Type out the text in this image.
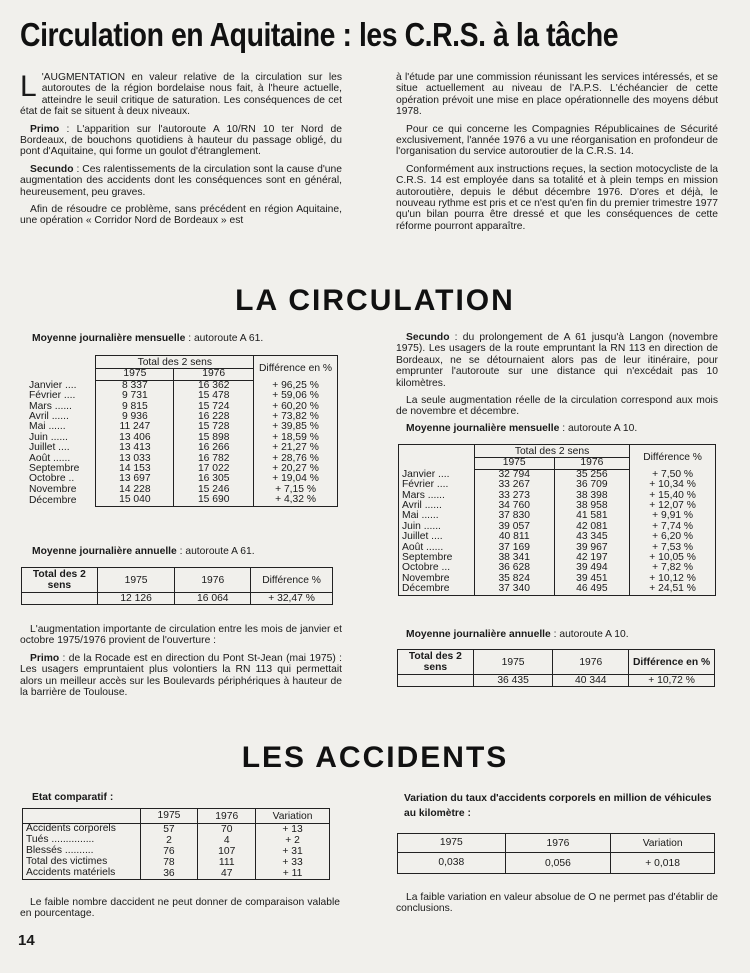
Circulation en Aquitaine : les C.R.S. à la tâche

L 'AUGMENTATION en valeur relative de la circulation sur les autoroutes de la région bordelaise nous fait, à l'heure actuelle, atteindre le seuil critique de saturation. Les conséquences de cet état de fait se situent à deux niveaux.

Primo : L'apparition sur l'autoroute A 10/RN 10 ter Nord de Bordeaux, de bouchons quotidiens à hauteur du passage obligé, du pont d'Aquitaine, qui forme un goulot d'étranglement.

Secundo : Ces ralentissements de la circulation sont la cause d'une augmentation des accidents dont les conséquences sont en général, heureusement, peu graves.

Afin de résoudre ce problème, sans précédent en région Aquitaine, une opération « Corridor Nord de Bordeaux » est

à l'étude par une commission réunissant les services intéressés, et se situe actuellement au niveau de l'A.P.S. L'échéancier de cette opération prévoit une mise en place opérationnelle des moyens début 1978.

Pour ce qui concerne les Compagnies Républicaines de Sécurité exclusivement, l'année 1976 a vu une réorganisation en profondeur de l'organisation du service autoroutier de la C.R.S. 14.

Conformément aux instructions reçues, la section motocycliste de la C.R.S. 14 est employée dans sa totalité et à plein temps en mission autoroutière, depuis le début décembre 1976. D'ores et déjà, le nouveau rythme est pris et ce n'est qu'en fin du premier trimestre 1977 qu'un bilan pourra être dressé et que les conséquences de cette réforme pourront apparaître.

LA CIRCULATION
Moyenne journalière mensuelle : autoroute A 61.
	Total des 2 sens		Différence en %
	1975	1976	
Janvier ....	8 337	16 362	+ 96,25 %
Février ....	9 731	15 478	+ 59,06 %
Mars ......	9 815	15 724	+ 60,20 %
Avril ......	9 936	16 228	+ 73,82 %
Mai ......	11 247	15 728	+ 39,85 %
Juin ......	13 406	15 898	+ 18,59 %
Juillet ....	13 413	16 266	+ 21,27 %
Août ......	13 033	16 782	+ 28,76 %
Septembre	14 153	17 022	+ 20,27 %
Octobre ..	13 697	16 305	+ 19,04 %
Novembre	14 228	15 246	+ 7,15 %
Décembre	15 040	15 690	+ 4,32 %
Moyenne journalière annuelle : autoroute A 61.
Total des 2 sens	1975	1976	Différence %
	12 126	16 064	+ 32,47 %

L'augmentation importante de circulation entre les mois de janvier et octobre 1975/1976 provient de l'ouverture :

Primo : de la Rocade est en direction du Pont St-Jean (mai 1975) : Les usagers empruntaient plus volontiers la RN 113 qui permettait alors un meilleur accès sur les Boulevards périphériques à hauteur de la barrière de Toulouse.

Secundo : du prolongement de A 61 jusqu'à Langon (novembre 1975). Les usagers de la route empruntant la RN 113 en direction de Bordeaux, ne se détournaient alors pas de leur itinéraire, pour emprunter l'autoroute sur une distance qui n'excédait pas 10 kilomètres.

La seule augmentation réelle de la circulation correspond aux mois de novembre et décembre.

Moyenne journalière mensuelle : autoroute A 10.
	Total des 2 sens		Différence %
	1975	1976	
Janvier ....	32 794	35 256	+ 7,50 %
Février ....	33 267	36 709	+ 10,34 %
Mars ......	33 273	38 398	+ 15,40 %
Avril ......	34 760	38 958	+ 12,07 %
Mai ......	37 830	41 581	+ 9,91 %
Juin ......	39 057	42 081	+ 7,74 %
Juillet ....	40 811	43 345	+ 6,20 %
Août ......	37 169	39 967	+ 7,53 %
Septembre	38 341	42 197	+ 10,05 %
Octobre ...	36 628	39 494	+ 7,82 %
Novembre	35 824	39 451	+ 10,12 %
Décembre	37 340	46 495	+ 24,51 %
Moyenne journalière annuelle : autoroute A 10.
Total des 2 sens	1975	1976	Différence en %
	36 435	40 344	+ 10,72 %
LES ACCIDENTS
Etat comparatif :
	1975	1976	Variation
Accidents corporels	57	70	+ 13
Tués ...............	2	4	+ 2
Blessés ..........	76	107	+ 31
Total des victimes	78	111	+ 33
Accidents matériels	36	47	+ 11
Le faible nombre daccident ne peut donner de comparaison valable en pourcentage.
Variation du taux d'accidents corporels en million de véhicules au kilomètre :
1975	1976	Variation
0,038	0,056	+ 0,018
La faible variation en valeur absolue de O ne permet pas d'établir de conclusions.
14
